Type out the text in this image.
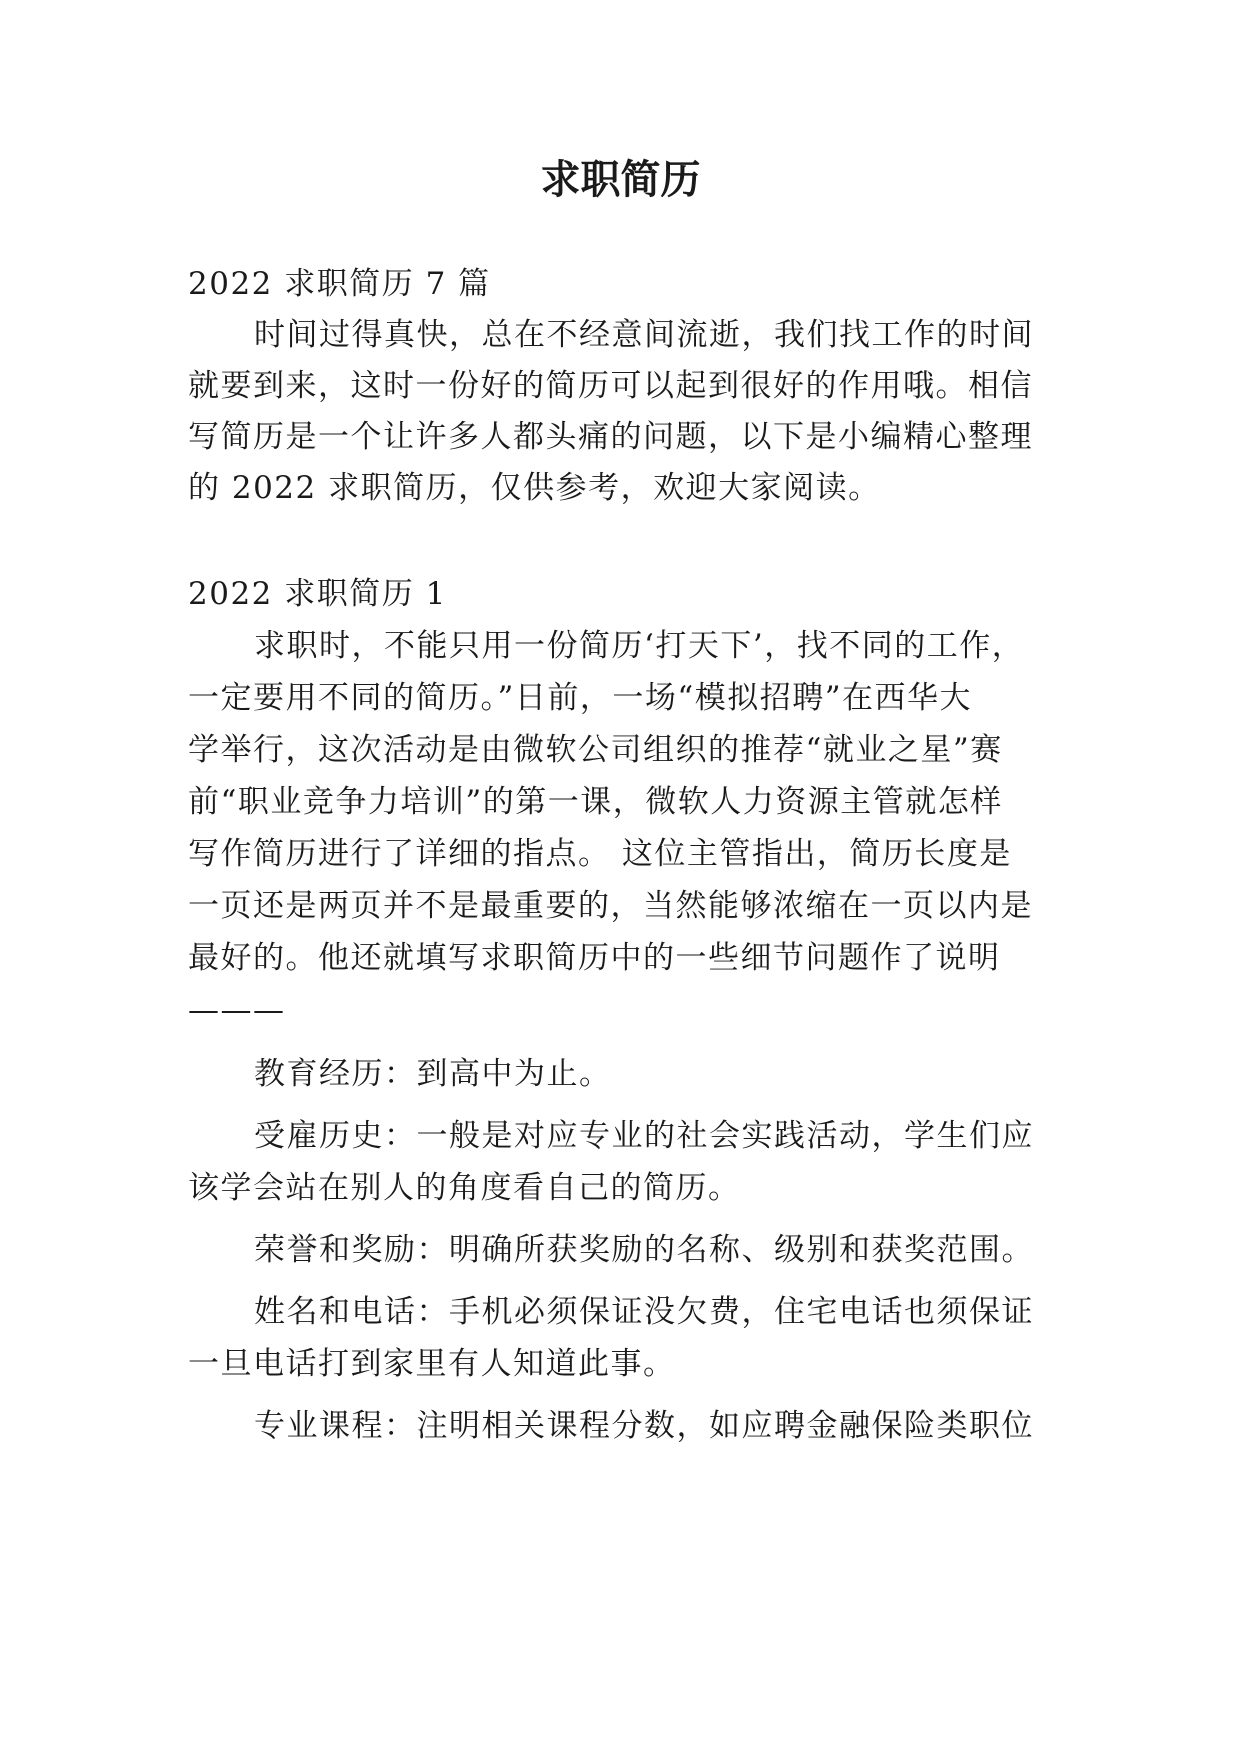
求职简历
2022 求职简历 7 篇
时间过得真快，总在不经意间流逝，我们找工作的时间
就要到来，这时一份好的简历可以起到很好的作用哦。相信
写简历是一个让许多人都头痛的问题，以下是小编精心整理
的 2022 求职简历，仅供参考，欢迎大家阅读。
2022 求职简历 1
求职时，不能只用一份简历‘打天下’，找不同的工作，
一定要用不同的简历。”日前，一场“模拟招聘”在西华大
学举行，这次活动是由微软公司组织的推荐“就业之星”赛
前“职业竞争力培训”的第一课，微软人力资源主管就怎样
写作简历进行了详细的指点。 这位主管指出，简历长度是
一页还是两页并不是最重要的，当然能够浓缩在一页以内是
最好的。他还就填写求职简历中的一些细节问题作了说明
———
教育经历：到高中为止。
受雇历史：一般是对应专业的社会实践活动，学生们应
该学会站在别人的角度看自己的简历。
荣誉和奖励：明确所获奖励的名称、级别和获奖范围。
姓名和电话：手机必须保证没欠费，住宅电话也须保证
一旦电话打到家里有人知道此事。
专业课程：注明相关课程分数，如应聘金融保险类职位
